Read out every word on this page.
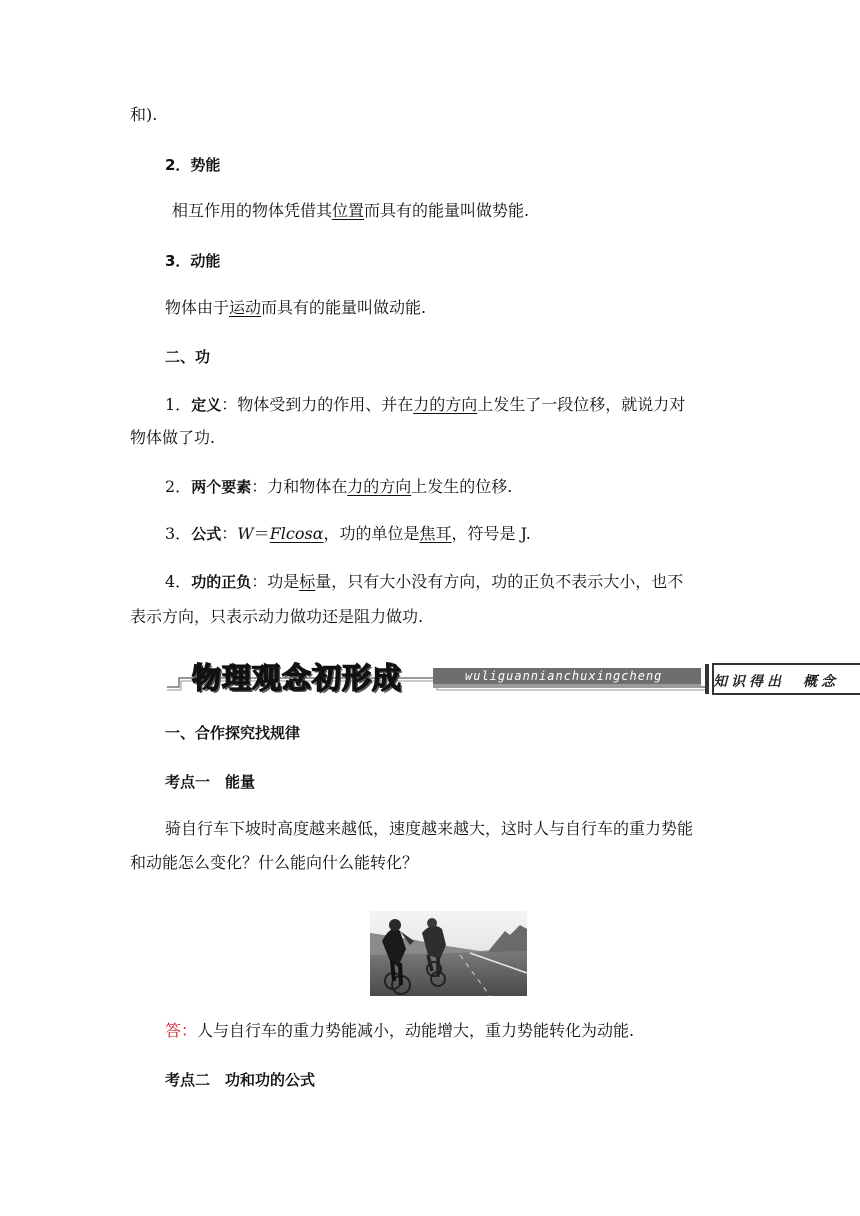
和).
2．势能
相互作用的物体凭借其位置而具有的能量叫做势能.
3．动能
物体由于运动而具有的能量叫做动能.
二、功
1．定义：物体受到力的作用、并在力的方向上发生了一段位移，就说力对
物体做了功.
2．两个要素：力和物体在力的方向上发生的位移.
3．公式：W＝Flcosα，功的单位是焦耳，符号是 J.
4．功的正负：功是标量，只有大小没有方向，功的正负不表示大小，也不
表示方向，只表示动力做功还是阻力做功.
物理观念初形成	wuliguannianchuxingcheng	知识得出　概念
一、合作探究找规律
考点一　能量
骑自行车下坡时高度越来越低，速度越来越大，这时人与自行车的重力势能
和动能怎么变化？什么能向什么能转化？
答：人与自行车的重力势能减小，动能增大，重力势能转化为动能.
考点二　功和功的公式
